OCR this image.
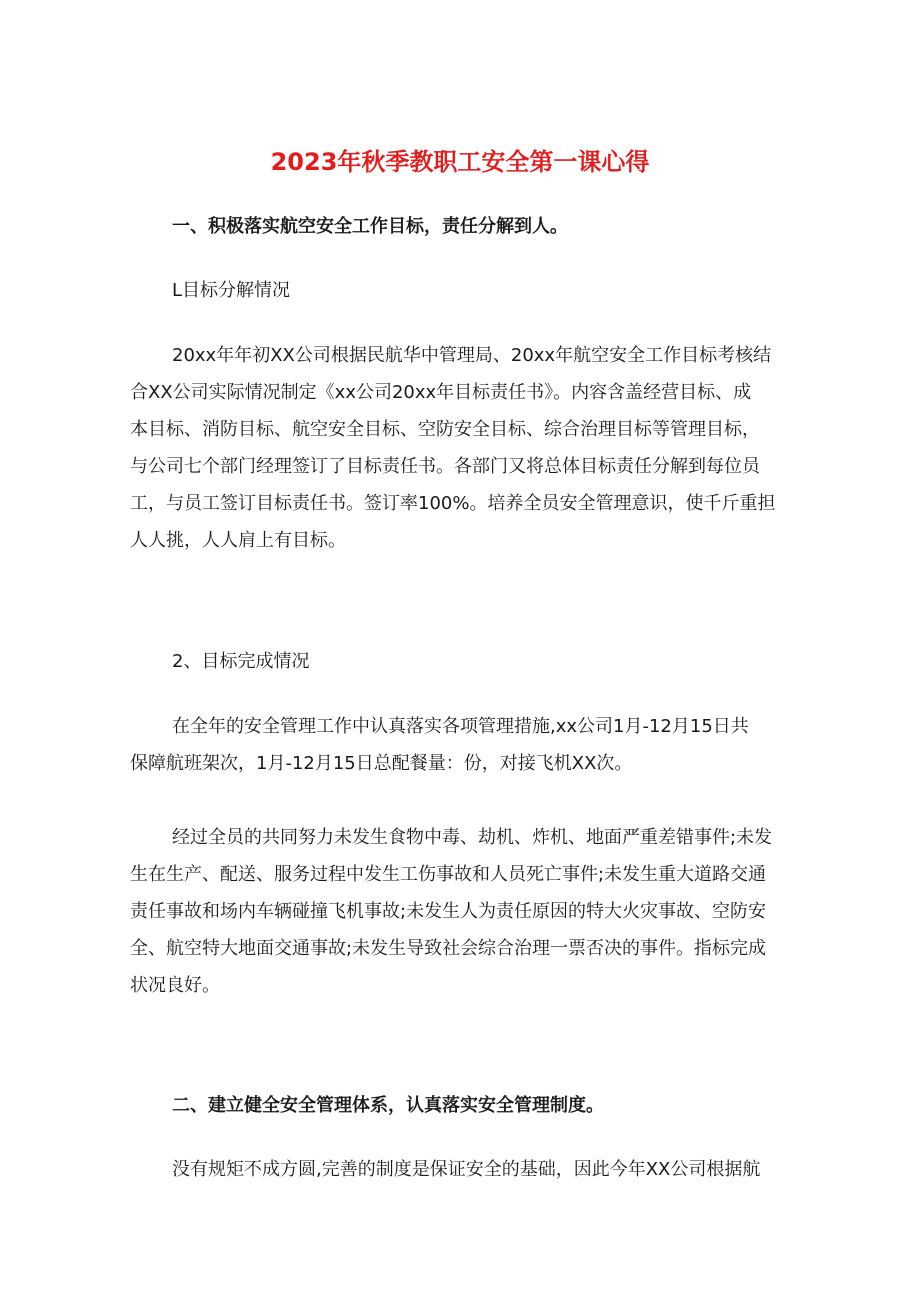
2023年秋季教职工安全第一课心得
一、积极落实航空安全工作目标，责任分解到人。
L目标分解情况
20xx年年初XX公司根据民航华中管理局、20xx年航空安全工作目标考核结
合XX公司实际情况制定《xx公司20xx年目标责任书》。内容含盖经营目标、成
本目标、消防目标、航空安全目标、空防安全目标、综合治理目标等管理目标，
与公司七个部门经理签订了目标责任书。各部门又将总体目标责任分解到每位员
工，与员工签订目标责任书。签订率100%。培养全员安全管理意识，使千斤重担
人人挑，人人肩上有目标。
2、目标完成情况
在全年的安全管理工作中认真落实各项管理措施,xx公司1月-12月15日共
保障航班架次，1月-12月15日总配餐量：份，对接飞机XX次。
经过全员的共同努力未发生食物中毒、劫机、炸机、地面严重差错事件;未发
生在生产、配送、服务过程中发生工伤事故和人员死亡事件;未发生重大道路交通
责任事故和场内车辆碰撞飞机事故;未发生人为责任原因的特大火灾事故、空防安
全、航空特大地面交通事故;未发生导致社会综合治理一票否决的事件。指标完成
状况良好。
二、建立健全安全管理体系，认真落实安全管理制度。
没有规矩不成方圆,完善的制度是保证安全的基础，因此今年XX公司根据航
